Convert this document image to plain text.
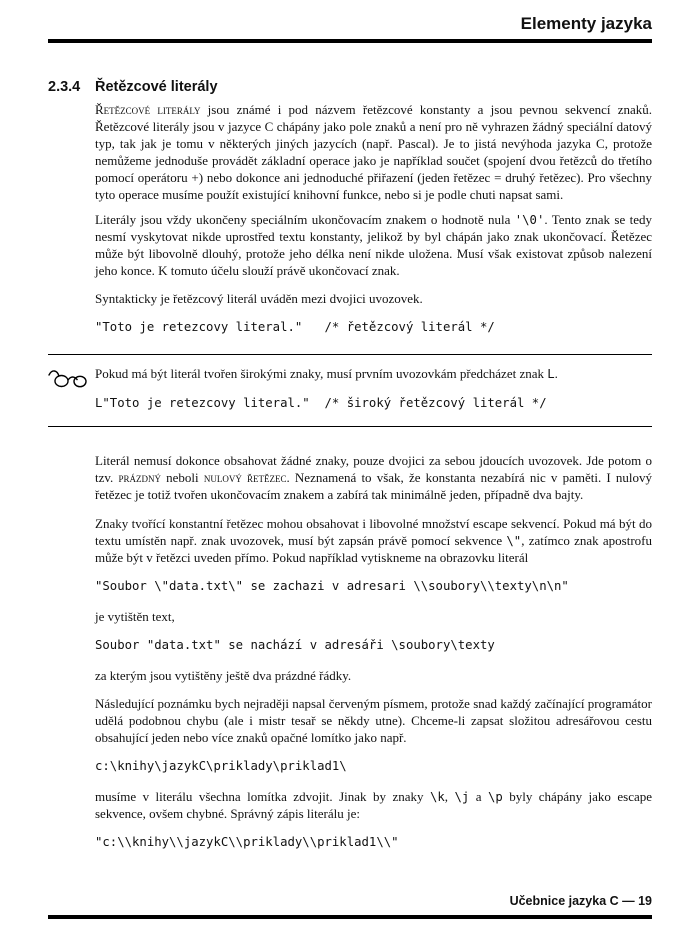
Elementy jazyka
2.3.4	Řetězcové literály

Řetězcové literály jsou známé i pod názvem řetězcové konstanty a jsou pevnou sekvencí znaků. Řetězcové literály jsou v jazyce C chápány jako pole znaků a není pro ně vyhrazen žádný speciální datový typ, tak jak je tomu v některých jiných jazycích (např. Pascal). Je to jistá nevýhoda jazyka C, protože nemůžeme jednoduše provádět základní operace jako je například součet (spojení dvou řetězců do třetího pomocí operátoru +) nebo dokonce ani jednoduché přiřazení (jeden řetězec = druhý řetězec). Pro všechny tyto operace musíme použít existující knihovní funkce, nebo si je podle chuti napsat sami.

Literály jsou vždy ukončeny speciálním ukončovacím znakem o hodnotě nula '\0'. Tento znak se tedy nesmí vyskytovat nikde uprostřed textu konstanty, jelikož by byl chápán jako znak ukončovací. Řetězec může být libovolně dlouhý, protože jeho délka není nikde uložena. Musí však existovat způsob nalezení jeho konce. K tomuto účelu slouží právě ukončovací znak.

Syntakticky je řetězcový literál uváděn mezi dvojici uvozovek.

"Toto je retezcovy literal."   /* řetězcový literál */

Pokud má být literál tvořen širokými znaky, musí prvním uvozovkám předcházet znak L.

L"Toto je retezcovy literal."  /* široký řetězcový literál */

Literál nemusí dokonce obsahovat žádné znaky, pouze dvojici za sebou jdoucích uvozovek. Jde potom o tzv. prázdný neboli nulový řetězec. Neznamená to však, že konstanta nezabírá nic v paměti. I nulový řetězec je totiž tvořen ukončovacím znakem a zabírá tak minimálně jeden, případně dva bajty.

Znaky tvořící konstantní řetězec mohou obsahovat i libovolné množství escape sekvencí. Pokud má být do textu umístěn např. znak uvozovek, musí být zapsán právě pomocí sekvence \", zatímco znak apostrofu může být v řetězci uveden přímo. Pokud například vytiskneme na obrazovku literál

"Soubor \"data.txt\" se zachazi v adresari \\soubory\\texty\n\n"

je vytištěn text,

Soubor "data.txt" se nachází v adresáři \soubory\texty

za kterým jsou vytištěny ještě dva prázdné řádky.

Následující poznámku bych nejraději napsal červeným písmem, protože snad každý začínající programátor udělá podobnou chybu (ale i mistr tesař se někdy utne). Chceme-li zapsat složitou adresářovou cestu obsahující jeden nebo více znaků opačné lomítko jako např.

c:\knihy\jazykC\priklady\priklad1\

musíme v literálu všechna lomítka zdvojit. Jinak by znaky \k, \j a \p byly chápány jako escape sekvence, ovšem chybné. Správný zápis literálu je:

"c:\\knihy\\jazykC\\priklady\\priklad1\\"
Učebnice jazyka C — 19
